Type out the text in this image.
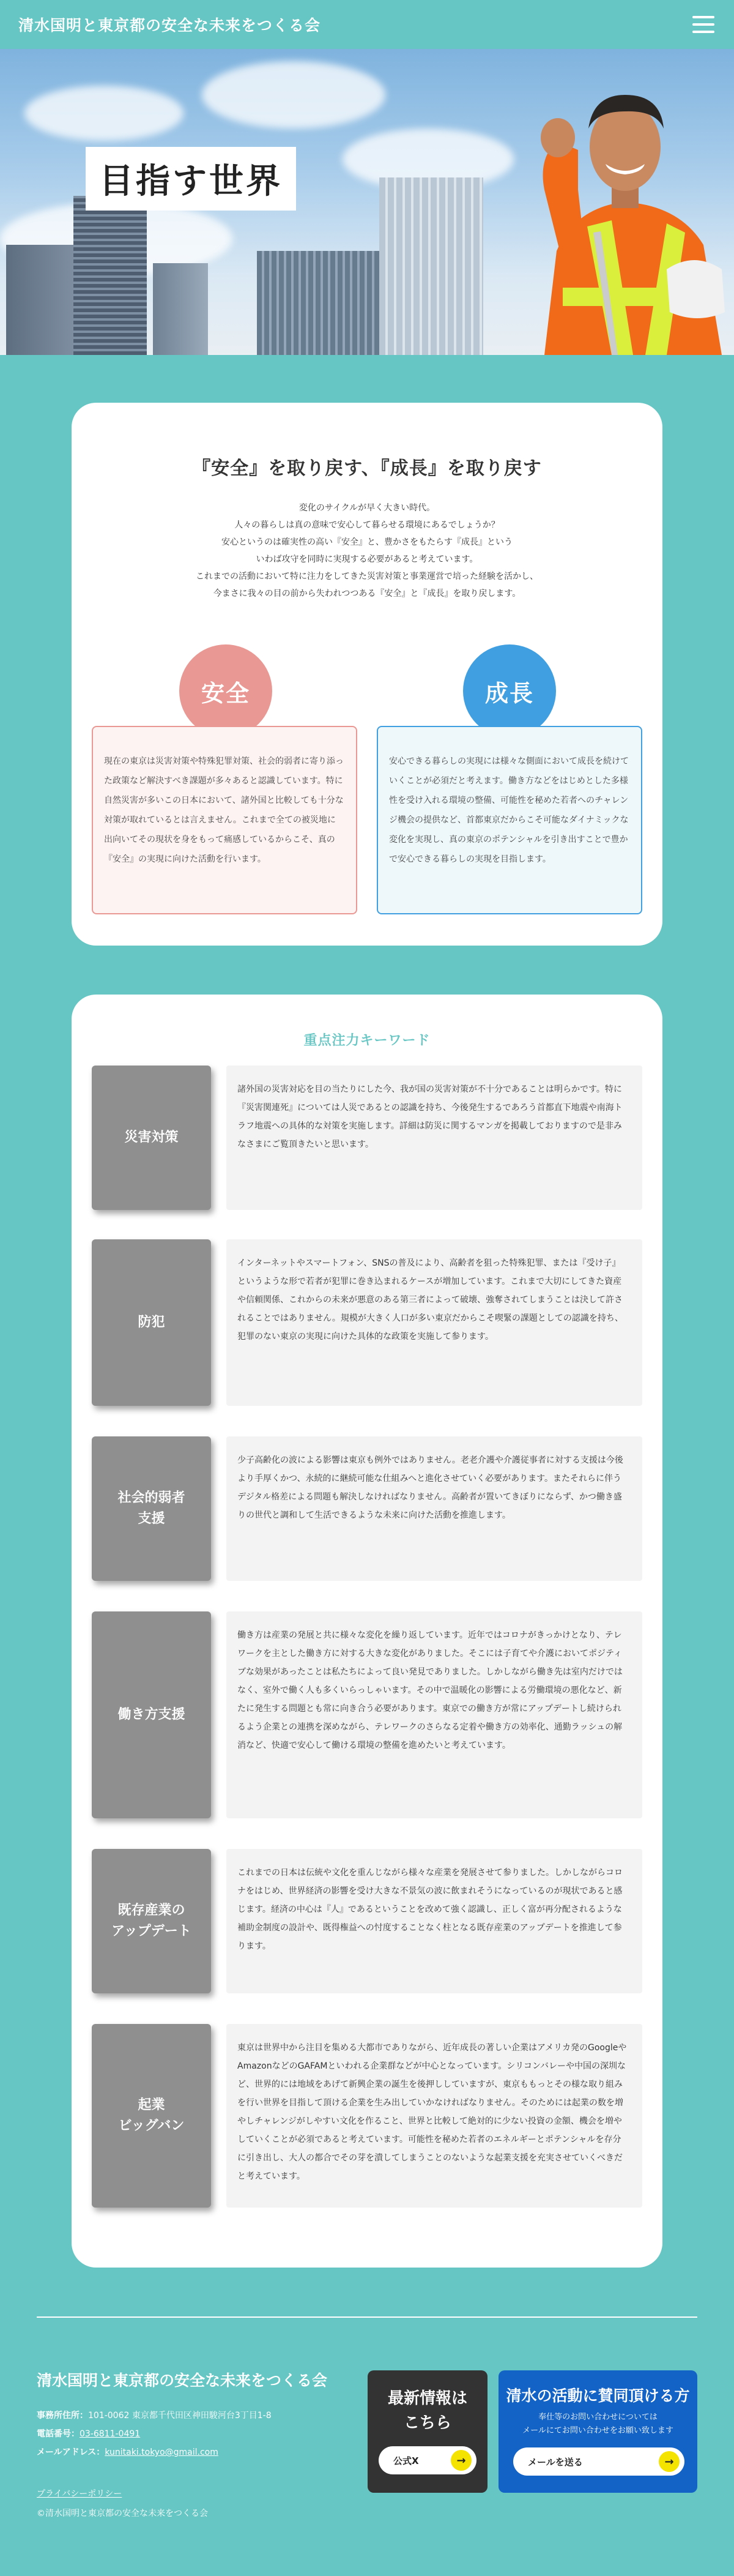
清水国明と東京都の安全な未来をつくる会
目指す世界
『安全』を取り戻す、『成長』を取り戻す

変化のサイクルが早く大きい時代。

人々の暮らしは真の意味で安心して暮らせる環境にあるでしょうか？

安心というのは確実性の高い『安全』と、豊かさをもたらす『成長』という

いわば攻守を同時に実現する必要があると考えています。

これまでの活動において特に注力をしてきた災害対策と事業運営で培った経験を活かし、

今まさに我々の目の前から失われつつある『安全』と『成長』を取り戻します。

安全	成長
現在の東京は災害対策や特殊犯罪対策、社会的弱者に寄り添った政策など解決すべき課題が多々あると認識しています。特に自然災害が多いこの日本において、諸外国と比較しても十分な対策が取れているとは言えません。これまで全ての被災地に出向いてその現状を身をもって痛感しているからこそ、真の『安全』の実現に向けた活動を行います。
安心できる暮らしの実現には様々な側面において成長を続けていくことが必須だと考えます。働き方などをはじめとした多様性を受け入れる環境の整備、可能性を秘めた若者へのチャレンジ機会の提供など、首都東京だからこそ可能なダイナミックな変化を実現し、真の東京のポテンシャルを引き出すことで豊かで安心できる暮らしの実現を目指します。
重点注力キーワード
災害対策
諸外国の災害対応を目の当たりにした今、我が国の災害対策が不十分であることは明らかです。特に『災害関連死』については人災であるとの認識を持ち、今後発生するであろう首都直下地震や南海トラフ地震への具体的な対策を実施します。詳細は防災に関するマンガを掲載しておりますので是非みなさまにご覧頂きたいと思います。
防犯
インターネットやスマートフォン、SNSの普及により、高齢者を狙った特殊犯罪、または『受け子』というような形で若者が犯罪に巻き込まれるケースが増加しています。これまで大切にしてきた資産や信頼関係、これからの未来が悪意のある第三者によって破壊、強奪されてしまうことは決して許されることではありません。規模が大きく人口が多い東京だからこそ喫緊の課題としての認識を持ち、犯罪のない東京の実現に向けた具体的な政策を実施して参ります。
社会的弱者
支援
少子高齢化の波による影響は東京も例外ではありません。老老介護や介護従事者に対する支援は今後より手厚くかつ、永続的に継続可能な仕組みへと進化させていく必要があります。またそれらに伴うデジタル格差による問題も解決しなければなりません。高齢者が置いてきぼりにならず、かつ働き盛りの世代と調和して生活できるような未来に向けた活動を推進します。
働き方支援
働き方は産業の発展と共に様々な変化を繰り返しています。近年ではコロナがきっかけとなり、テレワークを主とした働き方に対する大きな変化がありました。そこには子育てや介護においてポジティブな効果があったことは私たちによって良い発見でありました。しかしながら働き先は室内だけではなく、室外で働く人も多くいらっしゃいます。その中で温暖化の影響による労働環境の悪化など、新たに発生する問題とも常に向き合う必要があります。東京での働き方が常にアップデートし続けられるよう企業との連携を深めながら、テレワークのさらなる定着や働き方の効率化、通勤ラッシュの解消など、快適で安心して働ける環境の整備を進めたいと考えています。
既存産業の
アップデート
これまでの日本は伝統や文化を重んじながら様々な産業を発展させて参りました。しかしながらコロナをはじめ、世界経済の影響を受け大きな不景気の波に飲まれそうになっているのが現状であると感じます。経済の中心は『人』であるということを改めて強く認識し、正しく富が再分配されるような補助金制度の設計や、既得権益への忖度することなく柱となる既存産業のアップデートを推進して参ります。
起業
ビッグバン
東京は世界中から注目を集める大都市でありながら、近年成長の著しい企業はアメリカ発のGoogleやAmazonなどのGAFAMといわれる企業群などが中心となっています。シリコンバレーや中国の深圳など、世界的には地域をあげて新興企業の誕生を後押ししていますが、東京ももっとその様な取り組みを行い世界を目指して頂ける企業を生み出していかなければなりません。そのためには起業の数を増やしチャレンジがしやすい文化を作ること、世界と比較して絶対的に少ない投資の金額、機会を増やしていくことが必須であると考えています。可能性を秘めた若者のエネルギーとポテンシャルを存分に引き出し、大人の都合でその芽を潰してしまうことのないような起業支援を充実させていくべきだと考えています。
清水国明と東京都の安全な未来をつくる会
事務所住所：101-0062 東京都千代田区神田駿河台3丁目1-8
電話番号：03-6811-0491
メールアドレス：kunitaki.tokyo@gmail.com
プライバシーポリシー
©清水国明と東京都の安全な未来をつくる会
最新情報は
こちら
公式X	→
清水の活動に賛同頂ける方
奉仕等のお問い合わせについては
メールにてお問い合わせをお願い致します
メールを送る	→
